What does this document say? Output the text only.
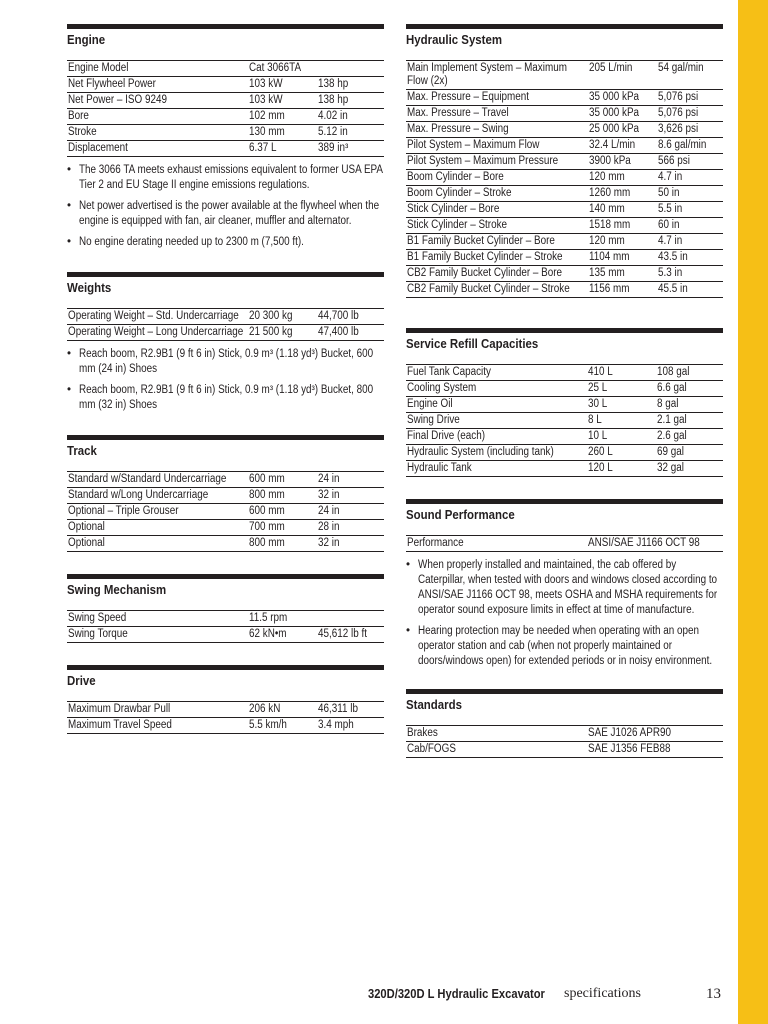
Engine
Engine Model	Cat 3066TA	
Net Flywheel Power	103 kW	138 hp
Net Power – ISO 9249	103 kW	138 hp
Bore	102 mm	4.02 in
Stroke	130 mm	5.12 in
Displacement	6.37 L	389 in³
• The 3066 TA meets exhaust emissions equivalent to former USA EPA Tier 2 and EU Stage II engine emissions regulations.
• Net power advertised is the power available at the flywheel when the engine is equipped with fan, air cleaner, muffler and alternator.
• No engine derating needed up to 2300 m (7,500 ft).
Weights
Operating Weight – Std. Undercarriage	20 300 kg	44,700 lb
Operating Weight – Long Undercarriage	21 500 kg	47,400 lb
• Reach boom, R2.9B1 (9 ft 6 in) Stick, 0.9 m³ (1.18 yd³) Bucket, 600 mm (24 in) Shoes
• Reach boom, R2.9B1 (9 ft 6 in) Stick, 0.9 m³ (1.18 yd³) Bucket, 800 mm (32 in) Shoes
Track
Standard w/Standard Undercarriage	600 mm	24 in
Standard w/Long Undercarriage	800 mm	32 in
Optional – Triple Grouser	600 mm	24 in
Optional	700 mm	28 in
Optional	800 mm	32 in
Swing Mechanism
Swing Speed	11.5 rpm	
Swing Torque	62 kN•m	45,612 lb ft
Drive
Maximum Drawbar Pull	206 kN	46,311 lb
Maximum Travel Speed	5.5 km/h	3.4 mph
Hydraulic System
Main Implement System – Maximum Flow (2x)	205 L/min	54 gal/min
Max. Pressure – Equipment	35 000 kPa	5,076 psi
Max. Pressure – Travel	35 000 kPa	5,076 psi
Max. Pressure – Swing	25 000 kPa	3,626 psi
Pilot System – Maximum Flow	32.4 L/min	8.6 gal/min
Pilot System – Maximum Pressure	3900 kPa	566 psi
Boom Cylinder – Bore	120 mm	4.7 in
Boom Cylinder – Stroke	1260 mm	50 in
Stick Cylinder – Bore	140 mm	5.5 in
Stick Cylinder – Stroke	1518 mm	60 in
B1 Family Bucket Cylinder – Bore	120 mm	4.7 in
B1 Family Bucket Cylinder – Stroke	1104 mm	43.5 in
CB2 Family Bucket Cylinder – Bore	135 mm	5.3 in
CB2 Family Bucket Cylinder – Stroke	1156 mm	45.5 in
Service Refill Capacities
Fuel Tank Capacity	410 L	108 gal
Cooling System	25 L	6.6 gal
Engine Oil	30 L	8 gal
Swing Drive	8 L	2.1 gal
Final Drive (each)	10 L	2.6 gal
Hydraulic System (including tank)	260 L	69 gal
Hydraulic Tank	120 L	32 gal
Sound Performance
Performance	ANSI/SAE J1166 OCT 98
• When properly installed and maintained, the cab offered by Caterpillar, when tested with doors and windows closed according to ANSI/SAE J1166 OCT 98, meets OSHA and MSHA requirements for operator sound exposure limits in effect at time of manufacture.
• Hearing protection may be needed when operating with an open operator station and cab (when not properly maintained or doors/windows open) for extended periods or in noisy environment.
Standards
Brakes	SAE J1026 APR90
Cab/FOGS	SAE J1356 FEB88
320D/320D L Hydraulic Excavator specifications	13
